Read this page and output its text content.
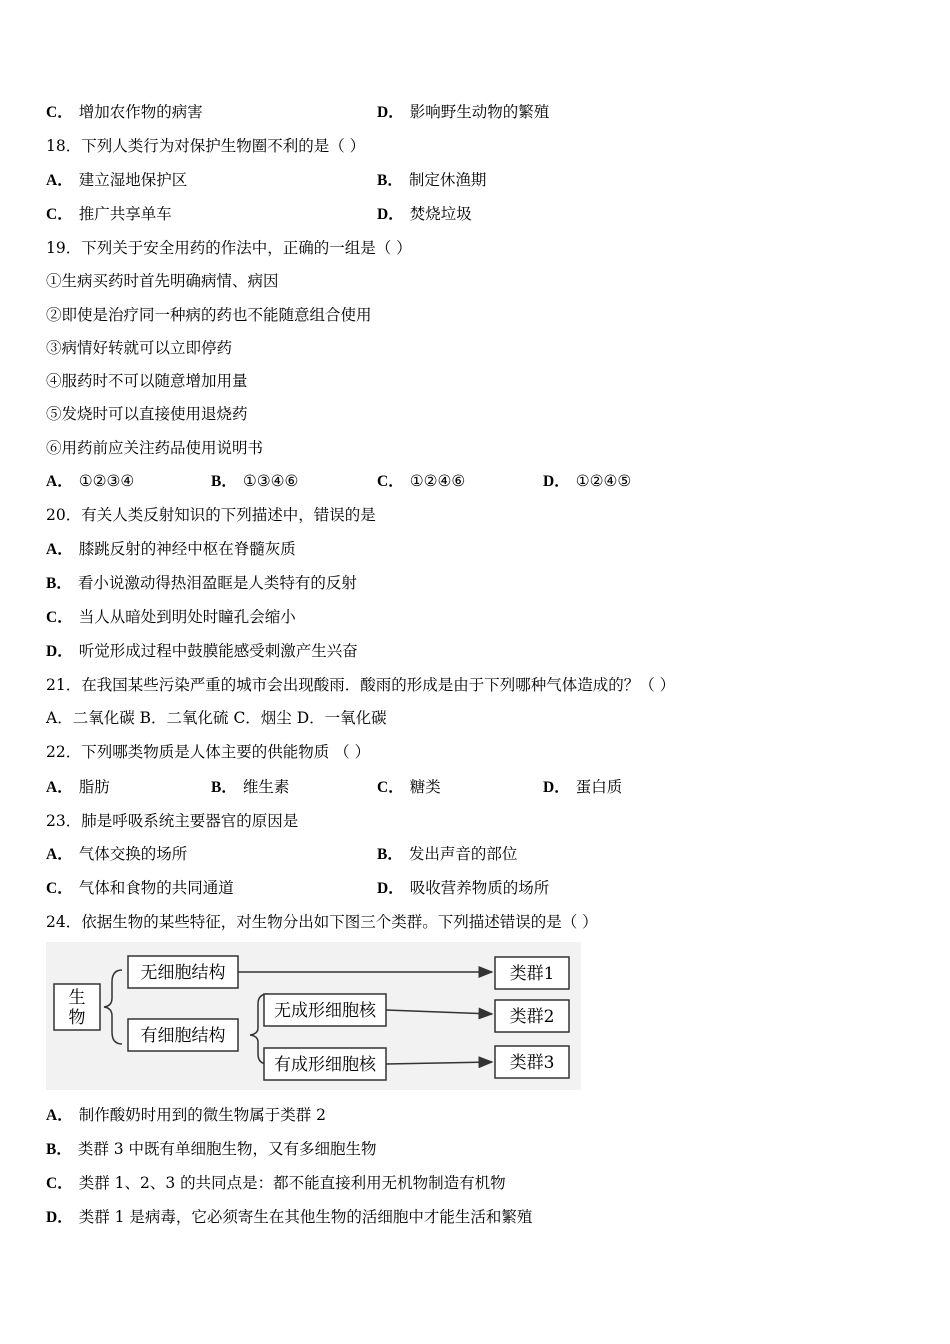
C． 增加农作物的病害	D． 影响野生动物的繁殖
18．下列人类行为对保护生物圈不利的是（ ）
A． 建立湿地保护区	B． 制定休渔期
C． 推广共享单车	D． 焚烧垃圾
19．下列关于安全用药的作法中，正确的一组是（ ）
①生病买药时首先明确病情、病因
②即使是治疗同一种病的药也不能随意组合使用
③病情好转就可以立即停药
④服药时不可以随意增加用量
⑤发烧时可以直接使用退烧药
⑥用药前应关注药品使用说明书
A． ①②③④	B． ①③④⑥	C． ①②④⑥	D． ①②④⑤
20．有关人类反射知识的下列描述中，错误的是
A． 膝跳反射的神经中枢在脊髓灰质
B． 看小说激动得热泪盈眶是人类特有的反射
C． 当人从暗处到明处时瞳孔会缩小
D． 听觉形成过程中鼓膜能感受刺激产生兴奋
21．在我国某些污染严重的城市会出现酸雨．酸雨的形成是由于下列哪种气体造成的？（ ）
A．二氧化碳 B．二氧化硫 C．烟尘 D．一氧化碳
22．下列哪类物质是人体主要的供能物质 （ ）
A． 脂肪	B． 维生素	C． 糖类	D． 蛋白质
23．肺是呼吸系统主要器官的原因是
A． 气体交换的场所	B． 发出声音的部位
C． 气体和食物的共同通道	D． 吸收营养物质的场所
24．依据生物的某些特征，对生物分出如下图三个类群。下列描述错误的是（ ）
生
物
无细胞结构
有细胞结构
无成形细胞核
有成形细胞核
类群1
类群2
类群3
A． 制作酸奶时用到的微生物属于类群 2
B． 类群 3 中既有单细胞生物，又有多细胞生物
C． 类群 1、2、3 的共同点是：都不能直接利用无机物制造有机物
D． 类群 1 是病毒，它必须寄生在其他生物的活细胞中才能生活和繁殖
